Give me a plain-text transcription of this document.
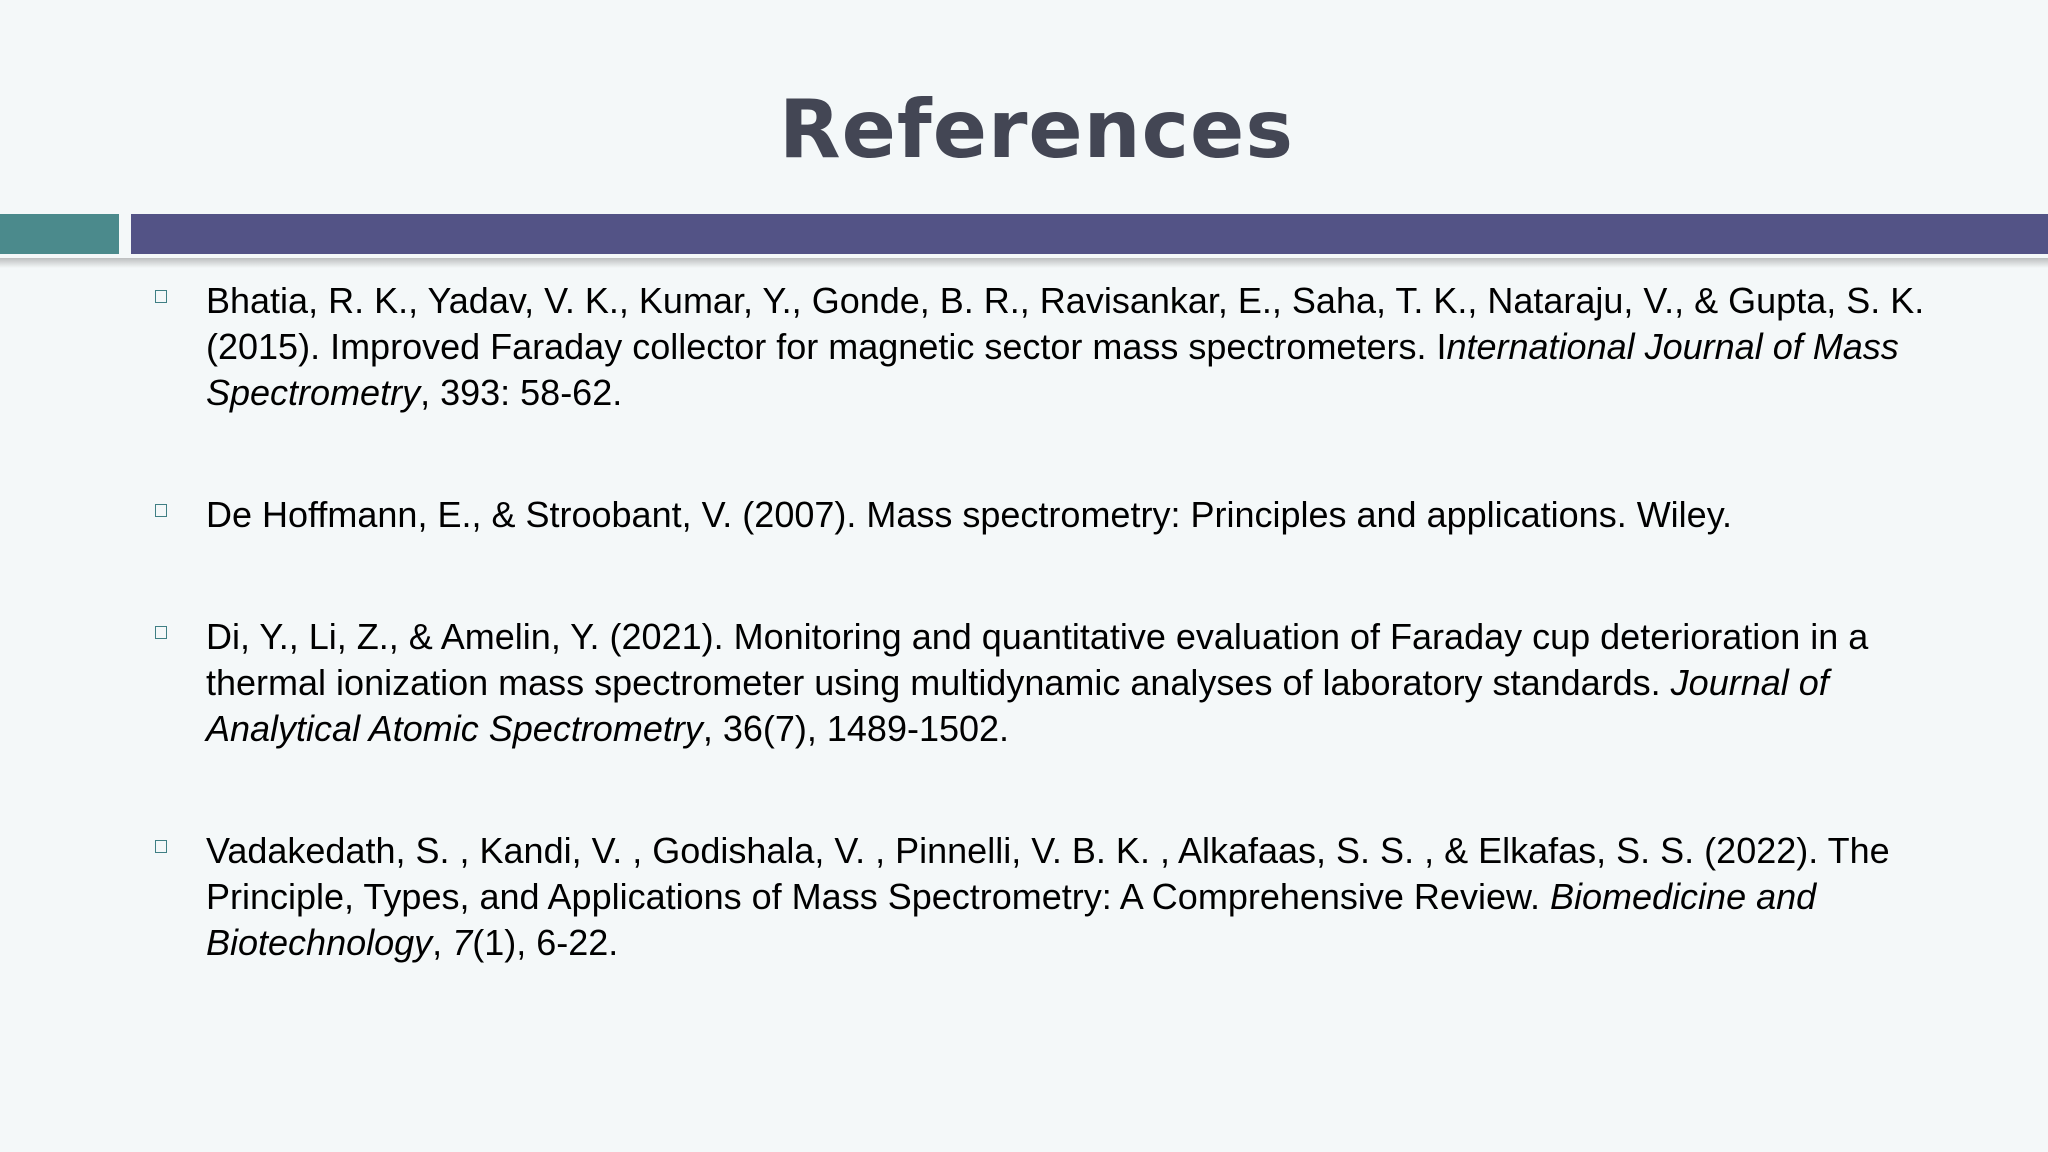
References
Bhatia, R. K., Yadav, V. K., Kumar, Y., Gonde, B. R., Ravisankar, E., Saha, T. K., Nataraju, V., & Gupta, S. K. (2015). Improved Faraday collector for magnetic sector mass spectrometers. International Journal of Mass Spectrometry, 393: 58-62.
De Hoffmann, E., & Stroobant, V. (2007). Mass spectrometry: Principles and applications. Wiley.
Di, Y., Li, Z., & Amelin, Y. (2021). Monitoring and quantitative evaluation of Faraday cup deterioration in a thermal ionization mass spectrometer using multidynamic analyses of laboratory standards. Journal of Analytical Atomic Spectrometry, 36(7), 1489-1502.
Vadakedath, S. , Kandi, V. , Godishala, V. , Pinnelli, V. B. K. , Alkafaas, S. S. , & Elkafas, S. S. (2022). The Principle, Types, and Applications of Mass Spectrometry: A Comprehensive Review. Biomedicine and Biotechnology, 7(1), 6-22.
